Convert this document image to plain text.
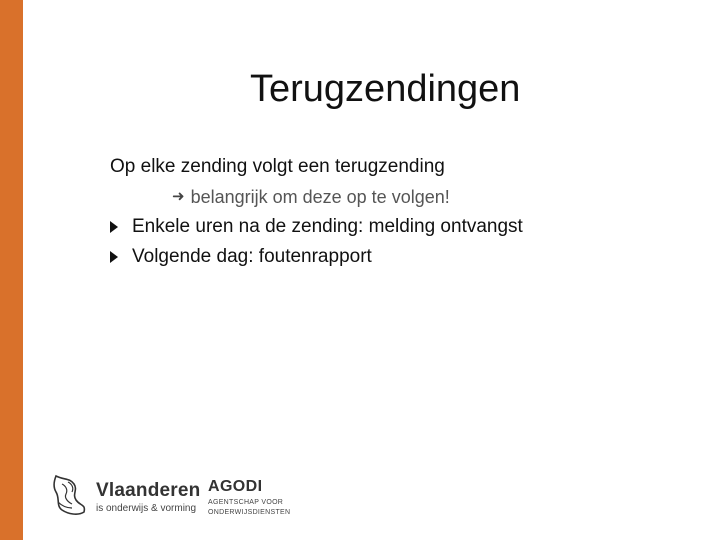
Terugzendingen
Op elke zending volgt een terugzending
➜ belangrijk om deze op te volgen!
Enkele uren na de zending: melding ontvangst
Volgende dag: foutenrapport
Vlaanderen
is onderwijs & vorming
AGODI
AGENTSCHAP VOOR ONDERWIJSDIENSTEN
